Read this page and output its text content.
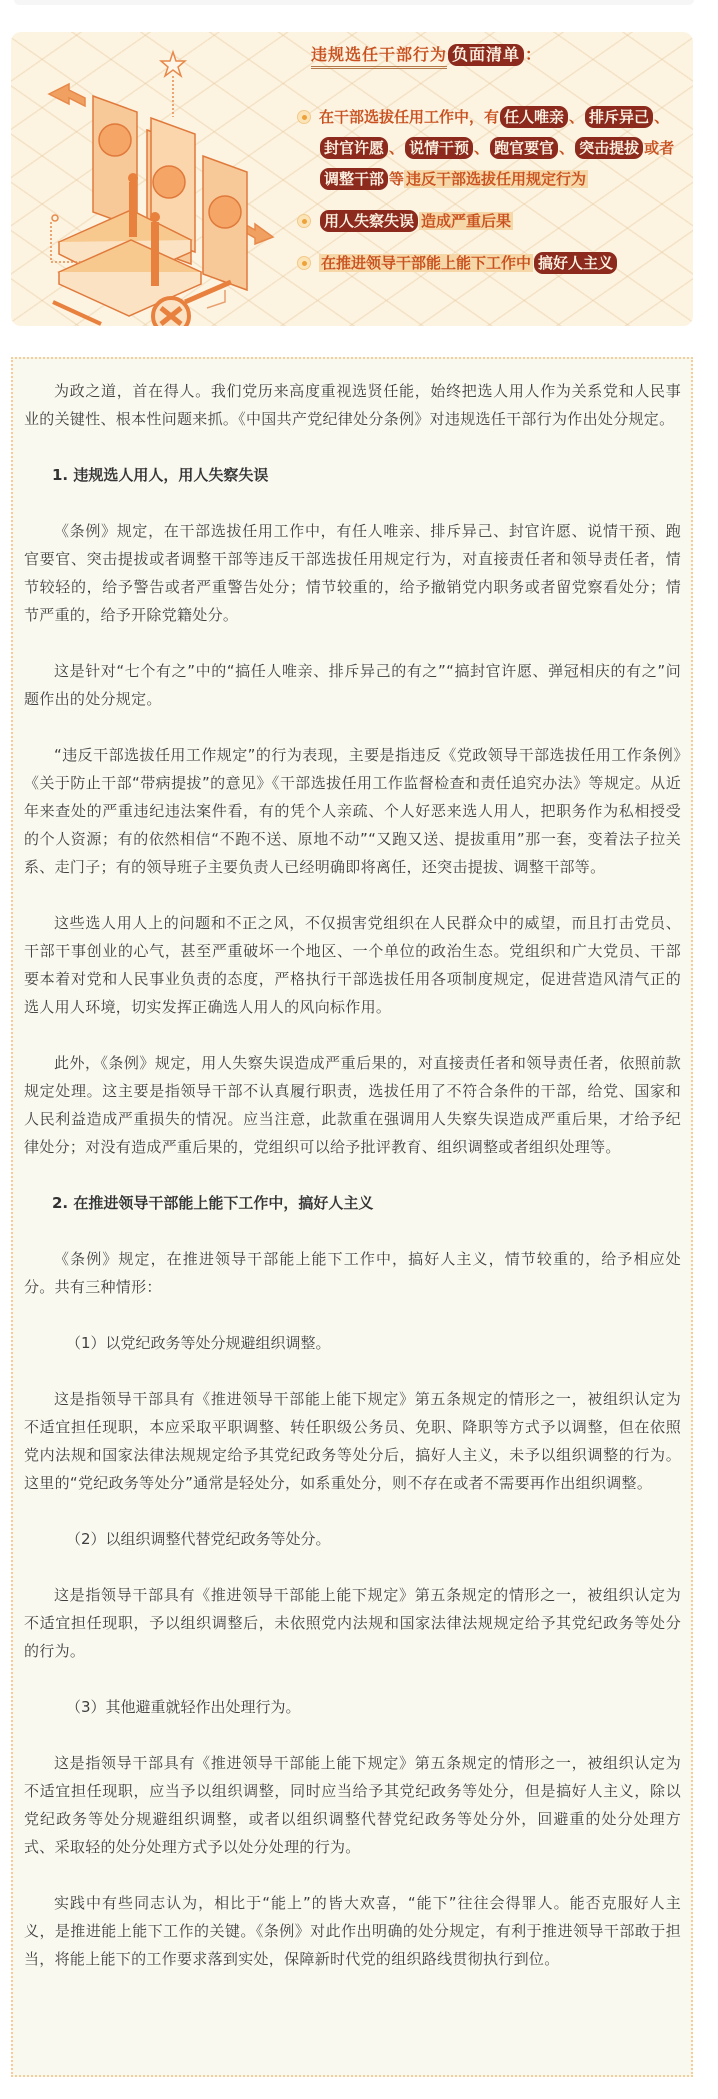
违规选任干部行为 负面清单 ：
在干部选拔任用工作中，有 任人唯亲 、 排斥异己 、封官许愿 、 说情干预 、 跑官要官 、 突击提拔 或者 调整干部 等 违反干部选拔任用规定行为
用人失察失误 造成严重后果
在推进领导干部能上能下工作中 搞好人主义

为政之道，首在得人。我们党历来高度重视选贤任能，始终把选人用人作为关系党和人民事业的关键性、根本性问题来抓。《中国共产党纪律处分条例》对违规选任干部行为作出处分规定。

1. 违规选人用人，用人失察失误

《条例》规定，在干部选拔任用工作中，有任人唯亲、排斥异己、封官许愿、说情干预、跑官要官、突击提拔或者调整干部等违反干部选拔任用规定行为，对直接责任者和领导责任者，情节较轻的，给予警告或者严重警告处分；情节较重的，给予撤销党内职务或者留党察看处分；情节严重的，给予开除党籍处分。

这是针对“七个有之”中的“搞任人唯亲、排斥异己的有之”“搞封官许愿、弹冠相庆的有之”问题作出的处分规定。

“违反干部选拔任用工作规定”的行为表现，主要是指违反《党政领导干部选拔任用工作条例》《关于防止干部“带病提拔”的意见》《干部选拔任用工作监督检查和责任追究办法》等规定。从近年来查处的严重违纪违法案件看，有的凭个人亲疏、个人好恶来选人用人，把职务作为私相授受的个人资源；有的依然相信“不跑不送、原地不动”“又跑又送、提拔重用”那一套，变着法子拉关系、走门子；有的领导班子主要负责人已经明确即将离任，还突击提拔、调整干部等。

这些选人用人上的问题和不正之风，不仅损害党组织在人民群众中的威望，而且打击党员、干部干事创业的心气，甚至严重破坏一个地区、一个单位的政治生态。党组织和广大党员、干部要本着对党和人民事业负责的态度，严格执行干部选拔任用各项制度规定，促进营造风清气正的选人用人环境，切实发挥正确选人用人的风向标作用。

此外，《条例》规定，用人失察失误造成严重后果的，对直接责任者和领导责任者，依照前款规定处理。这主要是指领导干部不认真履行职责，选拔任用了不符合条件的干部，给党、国家和人民利益造成严重损失的情况。应当注意，此款重在强调用人失察失误造成严重后果，才给予纪律处分；对没有造成严重后果的，党组织可以给予批评教育、组织调整或者组织处理等。

2. 在推进领导干部能上能下工作中，搞好人主义

《条例》规定，在推进领导干部能上能下工作中，搞好人主义，情节较重的，给予相应处分。共有三种情形：

（1）以党纪政务等处分规避组织调整。

这是指领导干部具有《推进领导干部能上能下规定》第五条规定的情形之一，被组织认定为不适宜担任现职，本应采取平职调整、转任职级公务员、免职、降职等方式予以调整，但在依照党内法规和国家法律法规规定给予其党纪政务等处分后，搞好人主义，未予以组织调整的行为。这里的“党纪政务等处分”通常是轻处分，如系重处分，则不存在或者不需要再作出组织调整。

（2）以组织调整代替党纪政务等处分。

这是指领导干部具有《推进领导干部能上能下规定》第五条规定的情形之一，被组织认定为不适宜担任现职，予以组织调整后，未依照党内法规和国家法律法规规定给予其党纪政务等处分的行为。

（3）其他避重就轻作出处理行为。

这是指领导干部具有《推进领导干部能上能下规定》第五条规定的情形之一，被组织认定为不适宜担任现职，应当予以组织调整，同时应当给予其党纪政务等处分，但是搞好人主义，除以党纪政务等处分规避组织调整，或者以组织调整代替党纪政务等处分外，回避重的处分处理方式、采取轻的处分处理方式予以处分处理的行为。

实践中有些同志认为，相比于“能上”的皆大欢喜，“能下”往往会得罪人。能否克服好人主义，是推进能上能下工作的关键。《条例》对此作出明确的处分规定，有利于推进领导干部敢于担当，将能上能下的工作要求落到实处，保障新时代党的组织路线贯彻执行到位。
